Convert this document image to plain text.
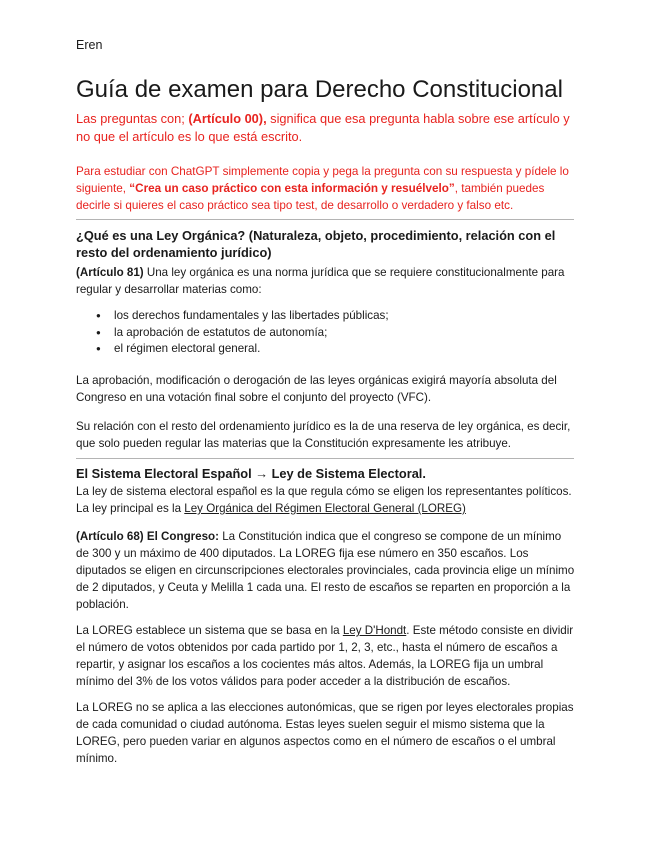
Eren
Guía de examen para Derecho Constitucional
Las preguntas con; (Artículo 00), significa que esa pregunta habla sobre ese artículo y no que el artículo es lo que está escrito.
Para estudiar con ChatGPT simplemente copia y pega la pregunta con su respuesta y pídele lo siguiente, “Crea un caso práctico con esta información y resuélvelo”, también puedes decirle si quieres el caso práctico sea tipo test, de desarrollo o verdadero y falso etc.
¿Qué es una Ley Orgánica? (Naturaleza, objeto, procedimiento, relación con el resto del ordenamiento jurídico)

(Artículo 81) Una ley orgánica es una norma jurídica que se requiere constitucionalmente para regular y desarrollar materias como:

● los derechos fundamentales y las libertades públicas;
● la aprobación de estatutos de autonomía;
● el régimen electoral general.

La aprobación, modificación o derogación de las leyes orgánicas exigirá mayoría absoluta del Congreso en una votación final sobre el conjunto del proyecto (VFC).

Su relación con el resto del ordenamiento jurídico es la de una reserva de ley orgánica, es decir, que solo pueden regular las materias que la Constitución expresamente les atribuye.

El Sistema Electoral Español → Ley de Sistema Electoral.

La ley de sistema electoral español es la que regula cómo se eligen los representantes políticos. La ley principal es la Ley Orgánica del Régimen Electoral General (LOREG)

(Artículo 68) El Congreso: La Constitución indica que el congreso se compone de un mínimo de 300 y un máximo de 400 diputados. La LOREG fija ese número en 350 escaños. Los diputados se eligen en circunscripciones electorales provinciales, cada provincia elige un mínimo de 2 diputados, y Ceuta y Melilla 1 cada una. El resto de escaños se reparten en proporción a la población.

La LOREG establece un sistema que se basa en la Ley D'Hondt. Este método consiste en dividir el número de votos obtenidos por cada partido por 1, 2, 3, etc., hasta el número de escaños a repartir, y asignar los escaños a los cocientes más altos. Además, la LOREG fija un umbral mínimo del 3% de los votos válidos para poder acceder a la distribución de escaños.

La LOREG no se aplica a las elecciones autonómicas, que se rigen por leyes electorales propias de cada comunidad o ciudad autónoma. Estas leyes suelen seguir el mismo sistema que la LOREG, pero pueden variar en algunos aspectos como en el número de escaños o el umbral mínimo.
